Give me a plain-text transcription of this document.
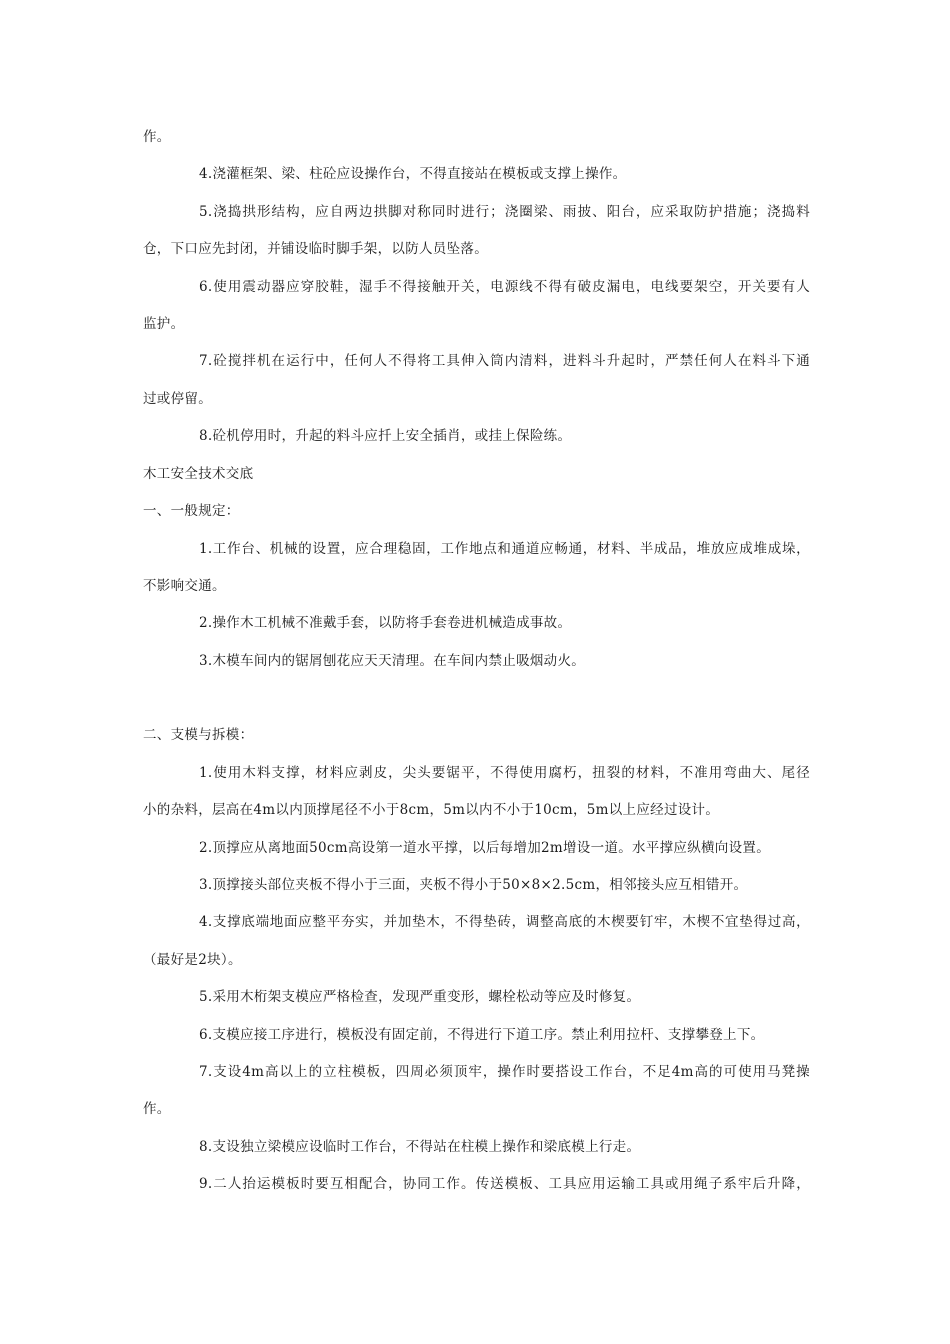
作。
4.浇灌框架、梁、柱砼应设操作台，不得直接站在模板或支撑上操作。
5.浇捣拱形结构，应自两边拱脚对称同时进行；浇圈梁、雨披、阳台，应采取防护措施；浇捣料
仓，下口应先封闭，并铺设临时脚手架，以防人员坠落。
6.使用震动器应穿胶鞋，湿手不得接触开关，电源线不得有破皮漏电，电线要架空，开关要有人
监护。
7.砼搅拌机在运行中，任何人不得将工具伸入筒内清料，进料斗升起时，严禁任何人在料斗下通
过或停留。
8.砼机停用时，升起的料斗应扦上安全插肖，或挂上保险练。
木工安全技术交底
一、一般规定：
1.工作台、机械的设置，应合理稳固，工作地点和通道应畅通，材料、半成品，堆放应成堆成垛，
不影响交通。
2.操作木工机械不准戴手套，以防将手套卷进机械造成事故。
3.木模车间内的锯屑刨花应天天清理。在车间内禁止吸烟动火。
二、支模与拆模：
1.使用木料支撑，材料应剥皮，尖头要锯平，不得使用腐朽，扭裂的材料，不准用弯曲大、尾径
小的杂料，层高在4m以内顶撑尾径不小于8cm，5m以内不小于10cm，5m以上应经过设计。
2.顶撑应从离地面50cm高设第一道水平撑，以后每增加2m增设一道。水平撑应纵横向设置。
3.顶撑接头部位夹板不得小于三面，夹板不得小于50×8×2.5cm，相邻接头应互相错开。
4.支撑底端地面应整平夯实，并加垫木，不得垫砖，调整高底的木楔要钉牢，木楔不宜垫得过高，
（最好是2块）。
5.采用木桁架支模应严格检查，发现严重变形，螺栓松动等应及时修复。
6.支模应接工序进行，模板没有固定前，不得进行下道工序。禁止利用拉杆、支撑攀登上下。
7.支设4m高以上的立柱模板，四周必须顶牢，操作时要搭设工作台，不足4m高的可使用马凳操
作。
8.支设独立梁模应设临时工作台，不得站在柱模上操作和梁底模上行走。
9.二人抬运模板时要互相配合，协同工作。传送模板、工具应用运输工具或用绳子系牢后升降，
